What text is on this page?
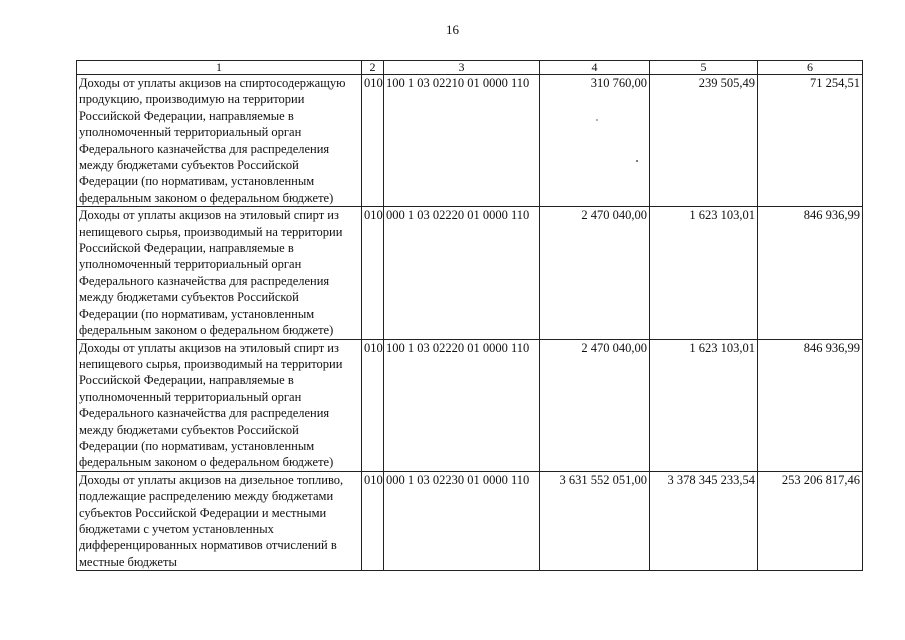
16
1	2	3	4	5	6
Доходы от уплаты акцизов на спиртосодержащую продукцию, производимую на территории Российской Федерации, направляемые в уполномоченный территориальный орган Федерального казначейства для распределения между бюджетами субъектов Российской Федерации (по нормативам, установленным федеральным законом о федеральном бюджете)	010	100 1 03 02210 01 0000 110	310 760,00	239 505,49	71 254,51
Доходы от уплаты акцизов на этиловый спирт из непищевого сырья, производимый на территории Российской Федерации, направляемые в уполномоченный территориальный орган Федерального казначейства для распределения между бюджетами субъектов Российской Федерации (по нормативам, установленным федеральным законом о федеральном бюджете)	010	000 1 03 02220 01 0000 110	2 470 040,00	1 623 103,01	846 936,99
Доходы от уплаты акцизов на этиловый спирт из непищевого сырья, производимый на территории Российской Федерации, направляемые в уполномоченный территориальный орган Федерального казначейства для распределения между бюджетами субъектов Российской Федерации (по нормативам, установленным федеральным законом о федеральном бюджете)	010	100 1 03 02220 01 0000 110	2 470 040,00	1 623 103,01	846 936,99
Доходы от уплаты акцизов на дизельное топливо, подлежащие распределению между бюджетами субъектов Российской Федерации и местными бюджетами с учетом установленных дифференцированных нормативов отчислений в местные бюджеты	010	000 1 03 02230 01 0000 110	3 631 552 051,00	3 378 345 233,54	253 206 817,46
